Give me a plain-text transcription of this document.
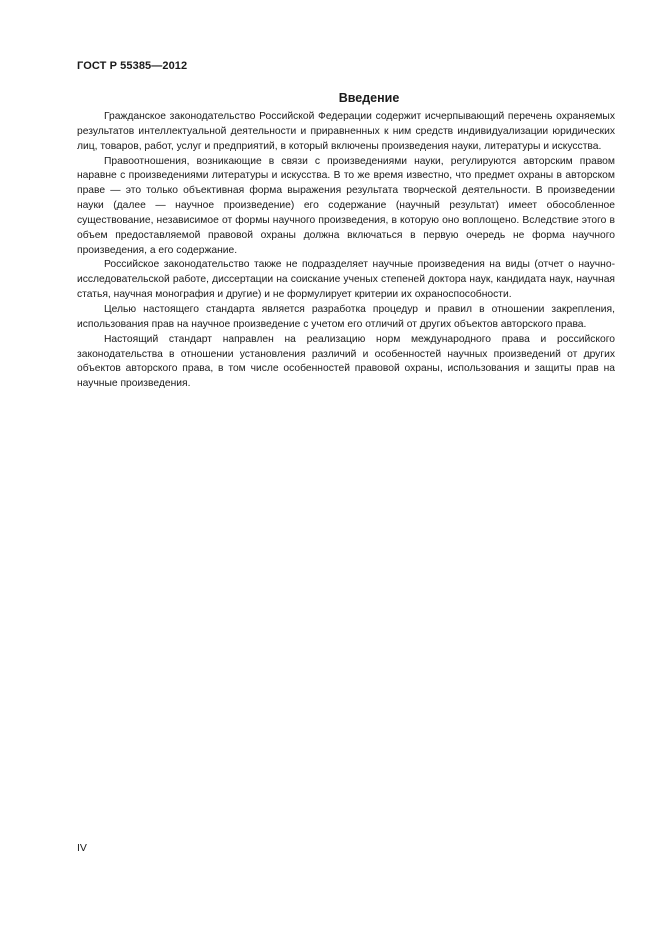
ГОСТ Р 55385—2012
Введение

Гражданское законодательство Российской Федерации содержит исчерпывающий перечень охраняемых результатов интеллектуальной деятельности и приравненных к ним средств индивидуализации юридических лиц, товаров, работ, услуг и предприятий, в который включены произведения науки, литературы и искусства.

Правоотношения, возникающие в связи с произведениями науки, регулируются авторским правом наравне с произведениями литературы и искусства. В то же время известно, что предмет охраны в авторском праве — это только объективная форма выражения результата творческой деятельности. В произведении науки (далее — научное произведение) его содержание (научный результат) имеет обособленное существование, независимое от формы научного произведения, в которую оно воплощено. Вследствие этого в объем предоставляемой правовой охраны должна включаться в первую очередь не форма научного произведения, а его содержание.

Российское законодательство также не подразделяет научные произведения на виды (отчет о научно-исследовательской работе, диссертации на соискание ученых степеней доктора наук, кандидата наук, научная статья, научная монография и другие) и не формулирует критерии их охраноспособности.

Целью настоящего стандарта является разработка процедур и правил в отношении закрепления, использования прав на научное произведение с учетом его отличий от других объектов авторского права.

Настоящий стандарт направлен на реализацию норм международного права и российского законодательства в отношении установления различий и особенностей научных произведений от других объектов авторского права, в том числе особенностей правовой охраны, использования и защиты прав на научные произведения.

IV
